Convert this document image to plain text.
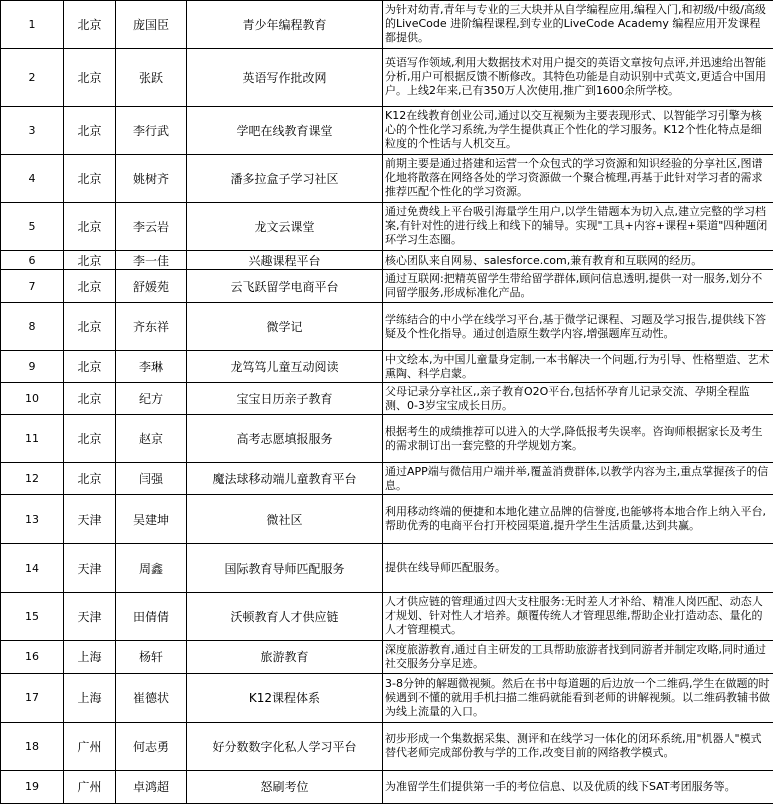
1	北京	庞国臣	青少年编程教育	为针对幼青,青年与专业的三大块并从自学编程应用,编程入门,和初级/中级/高级的LiveCode 进阶编程课程,到专业的LiveCode Academy 编程应用开发课程都提供。

2	北京	张跃	英语写作批改网	英语写作领域,利用大数据技术对用户提交的英语文章按句点评,并迅速给出智能分析,用户可根据反馈不断修改。其特色功能是自动识别中式英文,更适合中国用户。上线2年来,已有350万人次使用,推广到1600余所学校。

3	北京	李行武	学吧在线教育课堂	K12在线教育创业公司,通过以交互视频为主要表现形式、以智能学习引擎为核心的个性化学习系统,为学生提供真正个性化的学习服务。K12个性化特点是细粒度的个性话与人机交互。

4	北京	姚树齐	潘多拉盒子学习社区	前期主要是通过搭建和运营一个众包式的学习资源和知识经验的分享社区,图谱化地将散落在网络各处的学习资源做一个聚合梳理,再基于此针对学习者的需求推荐匹配个性化的学习资源。

5	北京	李云岩	龙文云课堂	通过免费线上平台吸引海量学生用户,以学生错题本为切入点,建立完整的学习档案,有针对性的进行线上和线下的辅导。实现"工具+内容+课程+渠道"四种题闭环学习生态圈。

6	北京	李一佳	兴趣课程平台	核心团队来自网易、salesforce.com,兼有教育和互联网的经历。

7	北京	舒媛苑	云飞跃留学电商平台	通过互联网:把精英留学生带给留学群体,顾问信息透明,提供一对一服务,划分不同留学服务,形成标准化产品。

8	北京	齐东祥	微学记	学练结合的中小学在线学习平台,基于微学记课程、习题及学习报告,提供线下答疑及个性化指导。通过创造原生数学内容,增强题库互动性。

9	北京	李琳	龙笃笃儿童互动阅读	中文绘本,为中国儿童量身定制,一本书解决一个问题,行为引导、性格塑造、艺术熏陶、科学启蒙。

10	北京	纪方	宝宝日历亲子教育	父母记录分享社区,,亲子教育O2O平台,包括怀孕育儿记录交流、孕期全程监测、0-3岁宝宝成长日历。

11	北京	赵京	高考志愿填报服务	根据考生的成绩推荐可以进入的大学,降低报考失误率。咨询师根据家长及考生的需求制订出一套完整的升学规划方案。

12	北京	闫强	魔法球移动端儿童教育平台	通过APP端与微信用户端并举,覆盖消费群体,以教学内容为主,重点掌握孩子的信息。

13	天津	吴建坤	微社区	利用移动终端的便捷和本地化建立品牌的信誉度,也能够将本地合作上纳入平台,帮助优秀的电商平台打开校园渠道,提升学生生活质量,达到共赢。

14	天津	周鑫	国际教育导师匹配服务	提供在线导师匹配服务。

15	天津	田倩倩	沃顿教育人才供应链	人才供应链的管理通过四大支柱服务:无时差人才补给、精准人岗匹配、动态人才规划、针对性人才培养。颠覆传统人才管理思维,帮助企业打造动态、量化的人才管理模式。

16	上海	杨轩	旅游教育	深度旅游教育,通过自主研发的工具帮助旅游者找到同游者并制定攻略,同时通过社交服务分享足迹。

17	上海	崔德状	K12课程体系	3-8分钟的解题微视频。然后在书中每道题的后边放一个二维码,学生在做题的时候遇到不懂的就用手机扫描二维码就能看到老师的讲解视频。以二维码教辅书做为线上流量的入口。

18	广州	何志勇	好分数数字化私人学习平台	初步形成一个集数据采集、测评和在线学习一体化的闭环系统,用"机器人"模式替代老师完成部份教与学的工作,改变目前的网络教学模式。

19	广州	卓鸿超	怒刷考位	为准留学生们提供第一手的考位信息、以及优质的线下SAT考团服务等。
